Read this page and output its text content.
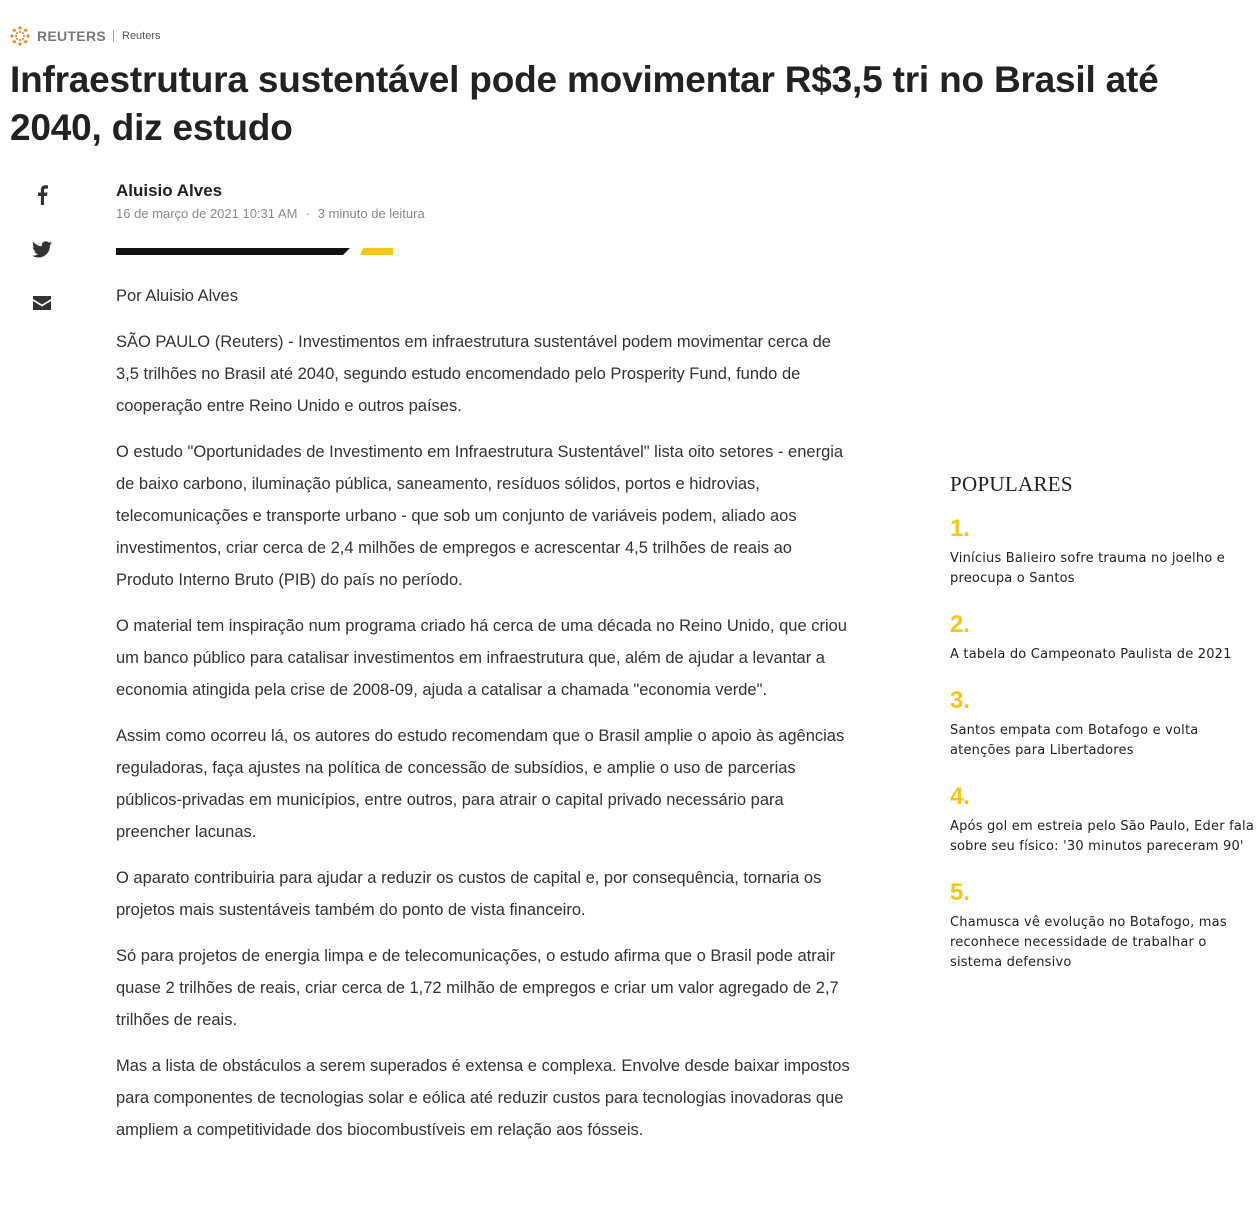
REUTERS Reuters
Infraestrutura sustentável pode movimentar R$3,5 tri no Brasil até 2040, diz estudo
Aluisio Alves
16 de março de 2021 10:31 AM · 3 minuto de leitura

Por Aluisio Alves

SÃO PAULO (Reuters) - Investimentos em infraestrutura sustentável podem movimentar cerca de 3,5 trilhões no Brasil até 2040, segundo estudo encomendado pelo Prosperity Fund, fundo de cooperação entre Reino Unido e outros países.

O estudo "Oportunidades de Investimento em Infraestrutura Sustentável" lista oito setores - energia de baixo carbono, iluminação pública, saneamento, resíduos sólidos, portos e hidrovias, telecomunicações e transporte urbano - que sob um conjunto de variáveis podem, aliado aos investimentos, criar cerca de 2,4 milhões de empregos e acrescentar 4,5 trilhões de reais ao Produto Interno Bruto (PIB) do país no período.

O material tem inspiração num programa criado há cerca de uma década no Reino Unido, que criou um banco público para catalisar investimentos em infraestrutura que, além de ajudar a levantar a economia atingida pela crise de 2008-09, ajuda a catalisar a chamada "economia verde".

Assim como ocorreu lá, os autores do estudo recomendam que o Brasil amplie o apoio às agências reguladoras, faça ajustes na política de concessão de subsídios, e amplie o uso de parcerias públicos-privadas em municípios, entre outros, para atrair o capital privado necessário para preencher lacunas.

O aparato contribuiria para ajudar a reduzir os custos de capital e, por consequência, tornaria os projetos mais sustentáveis também do ponto de vista financeiro.

Só para projetos de energia limpa e de telecomunicações, o estudo afirma que o Brasil pode atrair quase 2 trilhões de reais, criar cerca de 1,72 milhão de empregos e criar um valor agregado de 2,7 trilhões de reais.

Mas a lista de obstáculos a serem superados é extensa e complexa. Envolve desde baixar impostos para componentes de tecnologias solar e eólica até reduzir custos para tecnologias inovadoras que ampliem a competitividade dos biocombustíveis em relação aos fósseis.

POPULARES
1.
Vinícius Balieiro sofre trauma no joelho e preocupa o Santos
2.
A tabela do Campeonato Paulista de 2021
3.
Santos empata com Botafogo e volta atenções para Libertadores
4.
Após gol em estreia pelo São Paulo, Eder fala sobre seu físico: '30 minutos pareceram 90'
5.
Chamusca vê evolução no Botafogo, mas reconhece necessidade de trabalhar o sistema defensivo
